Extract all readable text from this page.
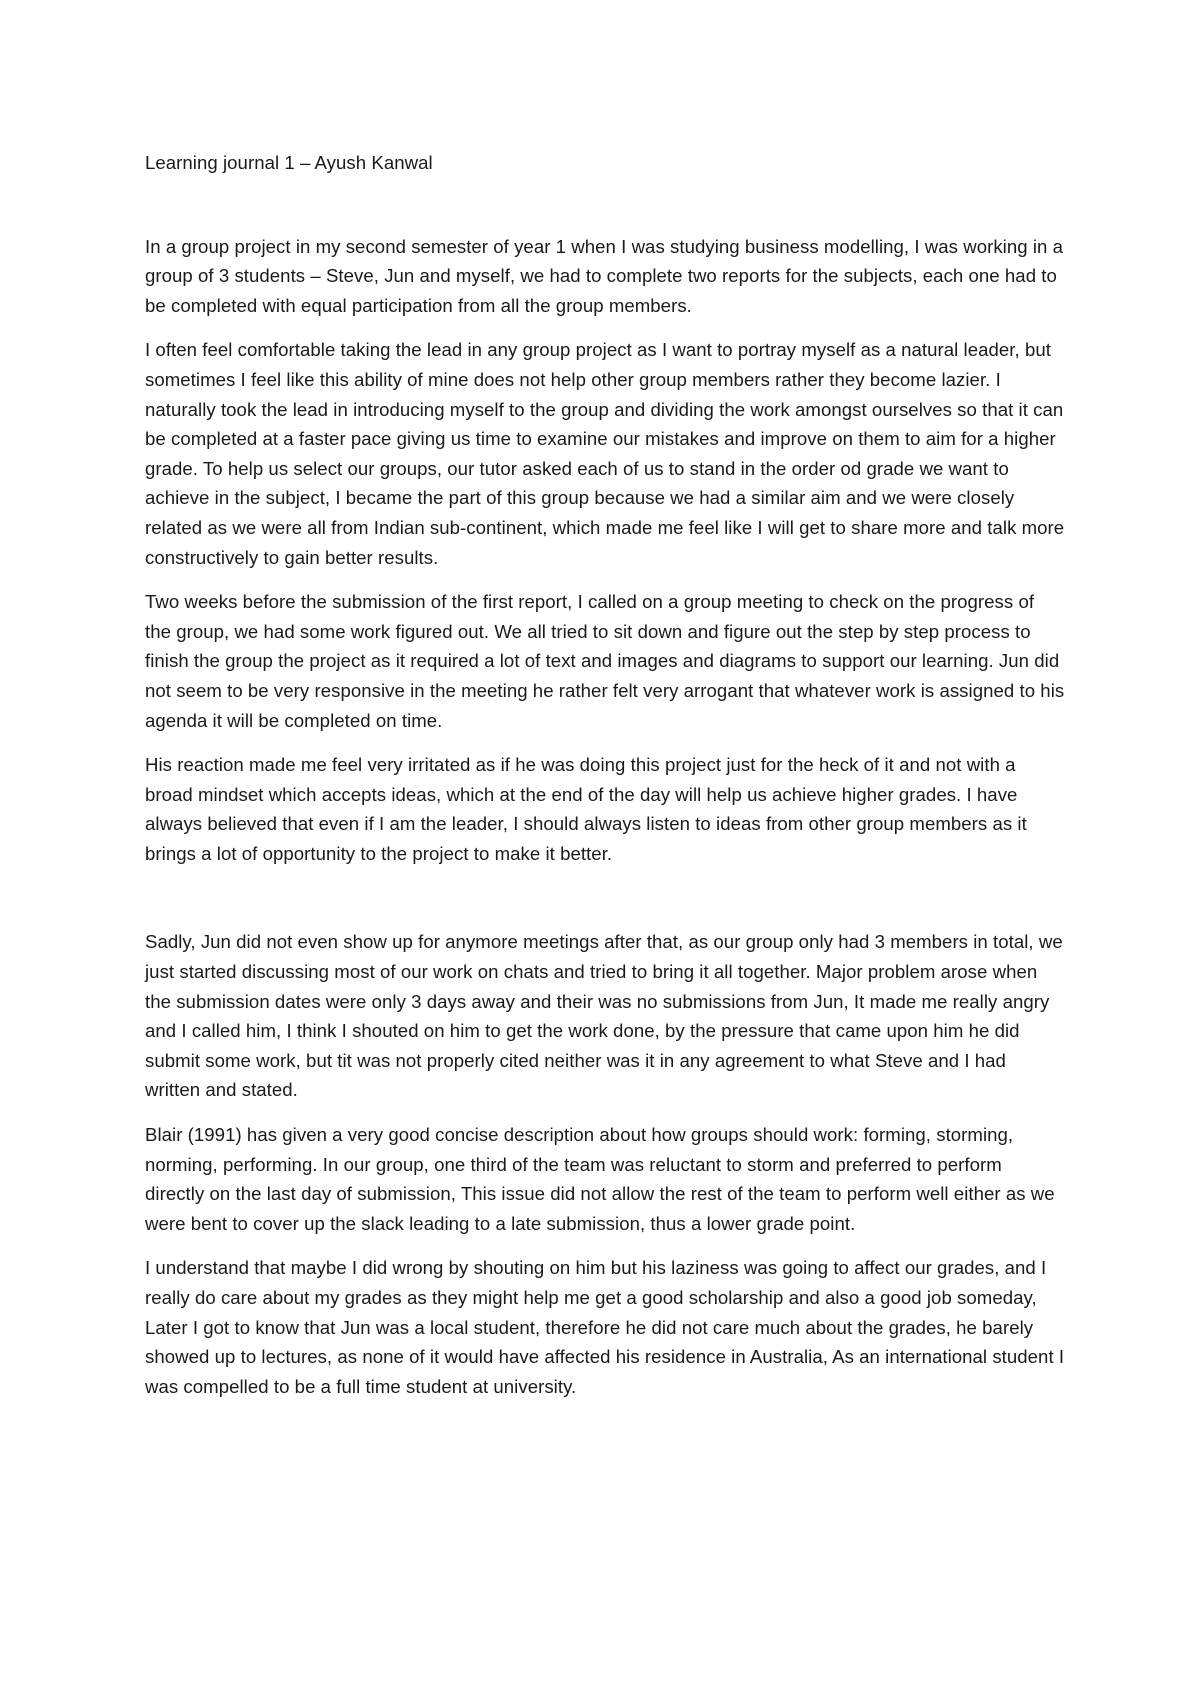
Learning journal 1 – Ayush Kanwal

In a group project in my second semester of year 1 when I was studying business modelling, I was working in a group of 3 students – Steve, Jun and myself, we had to complete two reports for the subjects, each one had to be completed with equal participation from all the group members.

I often feel comfortable taking the lead in any group project as I want to portray myself as a natural leader, but sometimes I feel like this ability of mine does not help other group members rather they become lazier. I naturally took the lead in introducing myself to the group and dividing the work amongst ourselves so that it can be completed at a faster pace giving us time to examine our mistakes and improve on them to aim for a higher grade. To help us select our groups, our tutor asked each of us to stand in the order od grade we want to achieve in the subject, I became the part of this group because we had a similar aim and we were closely related as we were all from Indian sub-continent, which made me feel like I will get to share more and talk more constructively to gain better results.

Two weeks before the submission of the first report, I called on a group meeting to check on the progress of the group, we had some work figured out. We all tried to sit down and figure out the step by step process to finish the group the project as it required a lot of text and images and diagrams to support our learning. Jun did not seem to be very responsive in the meeting he rather felt very arrogant that whatever work is assigned to his agenda it will be completed on time.

His reaction made me feel very irritated as if he was doing this project just for the heck of it and not with a broad mindset which accepts ideas, which at the end of the day will help us achieve higher grades. I have always believed that even if I am the leader, I should always listen to ideas from other group members as it brings a lot of opportunity to the project to make it better.

Sadly, Jun did not even show up for anymore meetings after that, as our group only had 3 members in total, we just started discussing most of our work on chats and tried to bring it all together. Major problem arose when the submission dates were only 3 days away and their was no submissions from Jun, It made me really angry and I called him, I think I shouted on him to get the work done, by the pressure that came upon him he did submit some work, but tit was not properly cited neither was it in any agreement to what Steve and I had written and stated.

Blair (1991) has given a very good concise description about how groups should work: forming, storming, norming, performing. In our group, one third of the team was reluctant to storm and preferred to perform directly on the last day of submission, This issue did not allow the rest of the team to perform well either as we were bent to cover up the slack leading to a late submission, thus a lower grade point.

I understand that maybe I did wrong by shouting on him but his laziness was going to affect our grades, and I really do care about my grades as they might help me get a good scholarship and also a good job someday, Later I got to know that Jun was a local student, therefore he did not care much about the grades, he barely showed up to lectures, as none of it would have affected his residence in Australia, As an international student I was compelled to be a full time student at university.
